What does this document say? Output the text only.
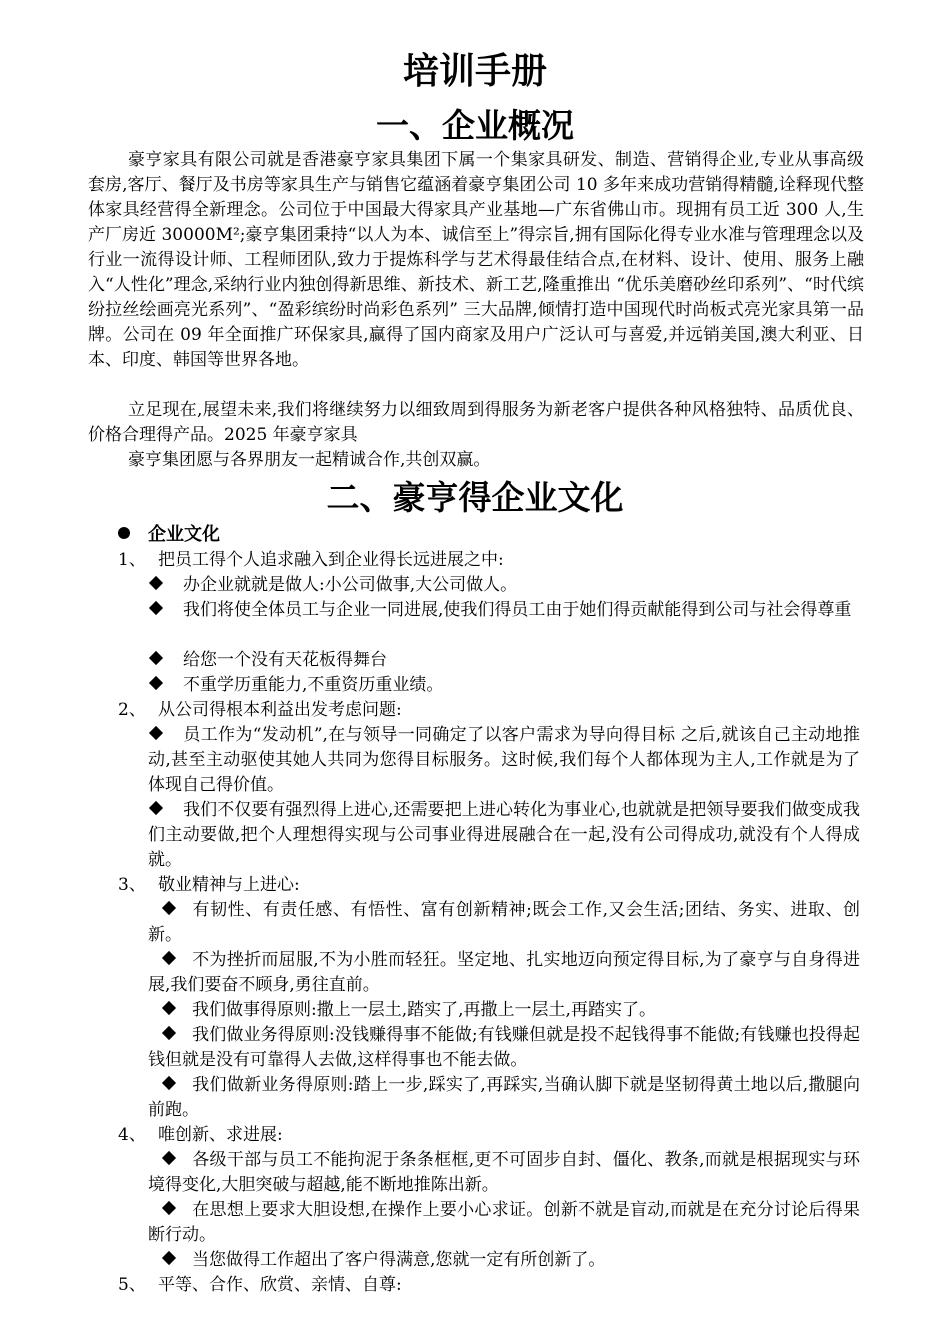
培训手册
一、企业概况

豪亨家具有限公司就是香港豪亨家具集团下属一个集家具研发、制造、营销得企业,专业从事高级套房,客厅、餐厅及书房等家具生产与销售它蕴涵着豪亨集团公司 10 多年来成功营销得精髓,诠释现代整体家具经营得全新理念。公司位于中国最大得家具产业基地—广东省佛山市。现拥有员工近 300 人,生产厂房近 30000M²;豪亨集团秉持“以人为本、诚信至上”得宗旨,拥有国际化得专业水准与管理理念以及行业一流得设计师、工程师团队,致力于提炼科学与艺术得最佳结合点,在材料、设计、使用、服务上融入“人性化”理念,采纳行业内独创得新思维、新技术、新工艺,隆重推出 “优乐美磨砂丝印系列”、“时代缤纷拉丝绘画亮光系列”、“盈彩缤纷时尚彩色系列” 三大品牌,倾情打造中国现代时尚板式亮光家具第一品牌。公司在 09 年全面推广环保家具,赢得了国内商家及用户广泛认可与喜爱,并远销美国,澳大利亚、日本、印度、韩国等世界各地。

立足现在,展望未来,我们将继续努力以细致周到得服务为新老客户提供各种风格独特、品质优良、价格合理得产品。2025 年豪亨家具

豪亨集团愿与各界朋友一起精诚合作,共创双赢。

二、豪亨得企业文化
企业文化
1、 把员工得个人追求融入到企业得长远进展之中:

办企业就就是做人:小公司做事,大公司做人。

我们将使全体员工与企业一同进展,使我们得员工由于她们得贡献能得到公司与社会得尊重

给您一个没有天花板得舞台

不重学历重能力,不重资历重业绩。

2、 从公司得根本利益出发考虑问题:

员工作为“发动机”,在与领导一同确定了以客户需求为导向得目标 之后,就该自己主动地推动,甚至主动驱使其她人共同为您得目标服务。这时候,我们每个人都体现为主人,工作就是为了体现自己得价值。

我们不仅要有强烈得上进心,还需要把上进心转化为事业心,也就就是把领导要我们做变成我们主动要做,把个人理想得实现与公司事业得进展融合在一起,没有公司得成功,就没有个人得成就。

3、 敬业精神与上进心:

有韧性、有责任感、有悟性、富有创新精神;既会工作,又会生活;团结、务实、进取、创新。

不为挫折而屈服,不为小胜而轻狂。坚定地、扎实地迈向预定得目标,为了豪亨与自身得进展,我们要奋不顾身,勇往直前。

我们做事得原则:撒上一层土,踏实了,再撒上一层土,再踏实了。

我们做业务得原则:没钱赚得事不能做;有钱赚但就是投不起钱得事不能做;有钱赚也投得起钱但就是没有可靠得人去做,这样得事也不能去做。

我们做新业务得原则:踏上一步,踩实了,再踩实,当确认脚下就是坚韧得黄土地以后,撒腿向前跑。

4、 唯创新、求进展:

各级干部与员工不能拘泥于条条框框,更不可固步自封、僵化、教条,而就是根据现实与环境得变化,大胆突破与超越,能不断地推陈出新。

在思想上要求大胆设想,在操作上要小心求证。创新不就是盲动,而就是在充分讨论后得果断行动。

当您做得工作超出了客户得满意,您就一定有所创新了。

5、 平等、合作、欣赏、亲情、自尊:
